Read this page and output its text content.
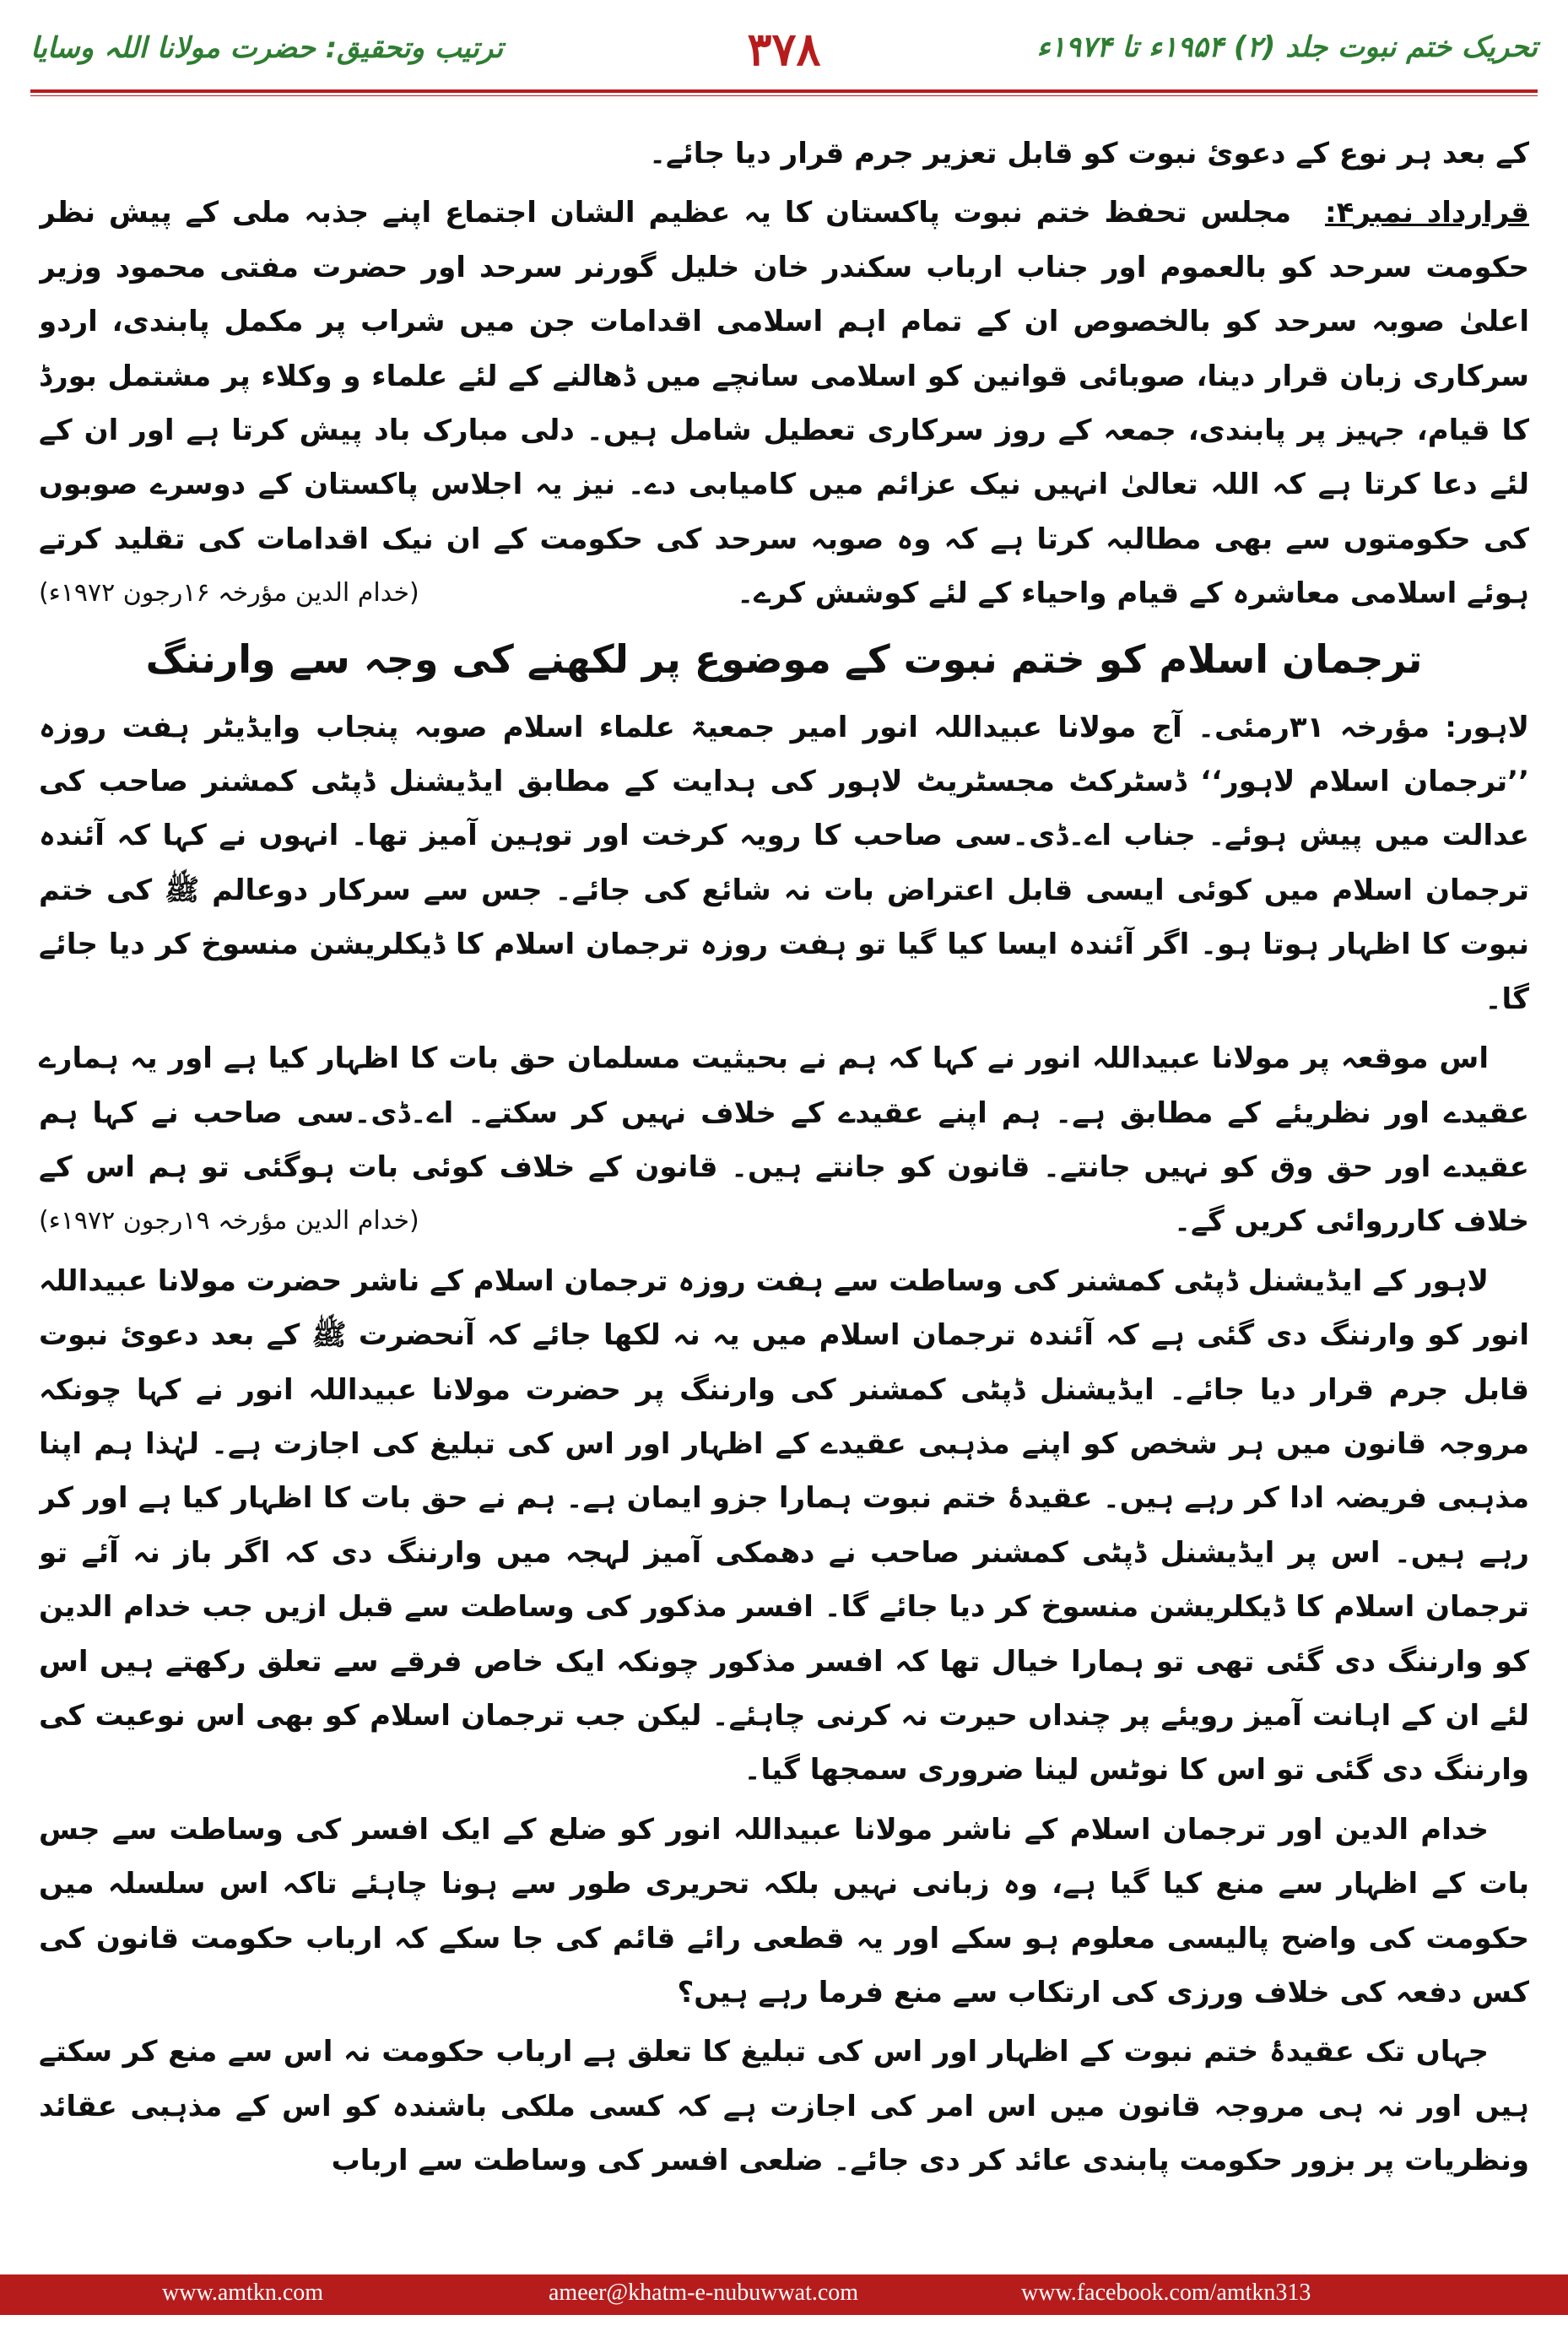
تحریک ختم نبوت جلد (۲) ۱۹۵۴ء تا ۱۹۷۴ء
۳۷۸
ترتیب وتحقیق: حضرت مولانا اللہ وسایا

کے بعد ہر نوع کے دعوئ نبوت کو قابل تعزیر جرم قرار دیا جائے۔

قرارداد نمبر۴: مجلس تحفظ ختم نبوت پاکستان کا یہ عظیم الشان اجتماع اپنے جذبہ ملی کے پیش نظر حکومت سرحد کو بالعموم اور جناب ارباب سکندر خان خلیل گورنر سرحد اور حضرت مفتی محمود وزیر اعلیٰ صوبہ سرحد کو بالخصوص ان کے تمام اہم اسلامی اقدامات جن میں شراب پر مکمل پابندی، اردو سرکاری زبان قرار دینا، صوبائی قوانین کو اسلامی سانچے میں ڈھالنے کے لئے علماء و وکلاء پر مشتمل بورڈ کا قیام، جہیز پر پابندی، جمعہ کے روز سرکاری تعطیل شامل ہیں۔ دلی مبارک باد پیش کرتا ہے اور ان کے لئے دعا کرتا ہے کہ اللہ تعالیٰ انہیں نیک عزائم میں کامیابی دے۔ نیز یہ اجلاس پاکستان کے دوسرے صوبوں کی حکومتوں سے بھی مطالبہ کرتا ہے کہ وہ صوبہ سرحد کی حکومت کے ان نیک اقدامات کی تقلید کرتے ہوئے اسلامی معاشرہ کے قیام واحیاء کے لئے کوشش کرے۔
(خدام الدین مؤرخہ ۱۶رجون ۱۹۷۲ء)

ترجمان اسلام کو ختم نبوت کے موضوع پر لکھنے کی وجہ سے وارننگ

لاہور: مؤرخہ ۳۱رمئی۔ آج مولانا عبیداللہ انور امیر جمعیۃ علماء اسلام صوبہ پنجاب وایڈیٹر ہفت روزہ ’’ترجمان اسلام لاہور‘‘ ڈسٹرکٹ مجسٹریٹ لاہور کی ہدایت کے مطابق ایڈیشنل ڈپٹی کمشنر صاحب کی عدالت میں پیش ہوئے۔ جناب اے۔ڈی۔سی صاحب کا رویہ کرخت اور توہین آمیز تھا۔ انہوں نے کہا کہ آئندہ ترجمان اسلام میں کوئی ایسی قابل اعتراض بات نہ شائع کی جائے۔ جس سے سرکار دوعالم ﷺ کی ختم نبوت کا اظہار ہوتا ہو۔ اگر آئندہ ایسا کیا گیا تو ہفت روزہ ترجمان اسلام کا ڈیکلریشن منسوخ کر دیا جائے گا۔

اس موقعہ پر مولانا عبیداللہ انور نے کہا کہ ہم نے بحیثیت مسلمان حق بات کا اظہار کیا ہے اور یہ ہمارے عقیدے اور نظریئے کے مطابق ہے۔ ہم اپنے عقیدے کے خلاف نہیں کر سکتے۔ اے۔ڈی۔سی صاحب نے کہا ہم عقیدے اور حق وق کو نہیں جانتے۔ قانون کو جانتے ہیں۔ قانون کے خلاف کوئی بات ہوگئی تو ہم اس کے خلاف کارروائی کریں گے۔
(خدام الدین مؤرخہ ۱۹رجون ۱۹۷۲ء)

لاہور کے ایڈیشنل ڈپٹی کمشنر کی وساطت سے ہفت روزہ ترجمان اسلام کے ناشر حضرت مولانا عبیداللہ انور کو وارننگ دی گئی ہے کہ آئندہ ترجمان اسلام میں یہ نہ لکھا جائے کہ آنحضرت ﷺ کے بعد دعوئ نبوت قابل جرم قرار دیا جائے۔ ایڈیشنل ڈپٹی کمشنر کی وارننگ پر حضرت مولانا عبیداللہ انور نے کہا چونکہ مروجہ قانون میں ہر شخص کو اپنے مذہبی عقیدے کے اظہار اور اس کی تبلیغ کی اجازت ہے۔ لہٰذا ہم اپنا مذہبی فریضہ ادا کر رہے ہیں۔ عقیدۂ ختم نبوت ہمارا جزو ایمان ہے۔ ہم نے حق بات کا اظہار کیا ہے اور کر رہے ہیں۔ اس پر ایڈیشنل ڈپٹی کمشنر صاحب نے دھمکی آمیز لہجہ میں وارننگ دی کہ اگر باز نہ آئے تو ترجمان اسلام کا ڈیکلریشن منسوخ کر دیا جائے گا۔ افسر مذکور کی وساطت سے قبل ازیں جب خدام الدین کو وارننگ دی گئی تھی تو ہمارا خیال تھا کہ افسر مذکور چونکہ ایک خاص فرقے سے تعلق رکھتے ہیں اس لئے ان کے اہانت آمیز رویئے پر چنداں حیرت نہ کرنی چاہئے۔ لیکن جب ترجمان اسلام کو بھی اس نوعیت کی وارننگ دی گئی تو اس کا نوٹس لینا ضروری سمجھا گیا۔

خدام الدین اور ترجمان اسلام کے ناشر مولانا عبیداللہ انور کو ضلع کے ایک افسر کی وساطت سے جس بات کے اظہار سے منع کیا گیا ہے، وہ زبانی نہیں بلکہ تحریری طور سے ہونا چاہئے تاکہ اس سلسلہ میں حکومت کی واضح پالیسی معلوم ہو سکے اور یہ قطعی رائے قائم کی جا سکے کہ ارباب حکومت قانون کی کس دفعہ کی خلاف ورزی کی ارتکاب سے منع فرما رہے ہیں؟

جہاں تک عقیدۂ ختم نبوت کے اظہار اور اس کی تبلیغ کا تعلق ہے ارباب حکومت نہ اس سے منع کر سکتے ہیں اور نہ ہی مروجہ قانون میں اس امر کی اجازت ہے کہ کسی ملکی باشندہ کو اس کے مذہبی عقائد ونظریات پر بزور حکومت پابندی عائد کر دی جائے۔ ضلعی افسر کی وساطت سے ارباب

www.amtkn.com	ameer@khatm-e-nubuwwat.com	www.facebook.com/amtkn313
